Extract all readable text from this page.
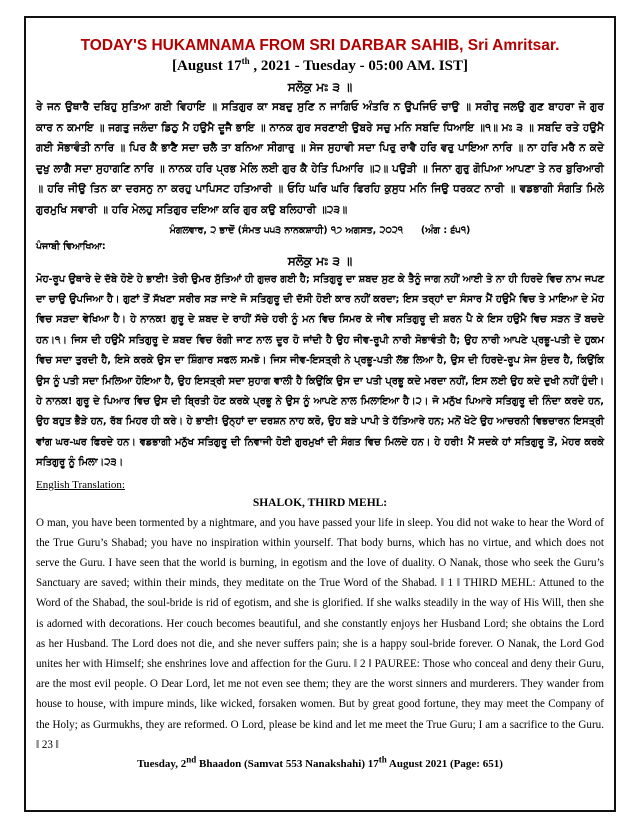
TODAY'S HUKAMNAMA FROM SRI DARBAR SAHIB, Sri Amritsar.
[August 17th , 2021 - Tuesday - 05:00 AM. IST]
ਸਲੋਕੁ ਮਃ ੩ ॥
ਰੇ ਜਨ ਉਥਾਰੈ ਦਬਿਹੁ ਸੁਤਿਆ ਗਈ ਵਿਹਾਇ ॥ ਸਤਿਗੁਰ ਕਾ ਸਬਦੁ ਸੁਣਿ ਨ ਜਾਗਿਓ ਅੰਤਰਿ ਨ ਉਪਜਿਓ ਚਾਉ ॥ ਸਰੀਰੁ ਜਲਉ ਗੁਣ ਬਾਹਰਾ ਜੋ ਗੁਰ ਕਾਰ ਨ ਕਮਾਇ ॥ ਜਗਤੁ ਜਲੰਦਾ ਡਿਠੁ ਮੈ ਹਉਮੈ ਦੂਜੈ ਭਾਇ ॥ ਨਾਨਕ ਗੁਰ ਸਰਣਾਈ ਉਬਰੇ ਸਚੁ ਮਨਿ ਸਬਦਿ ਧਿਆਇ ॥੧॥ ਮਃ ੩ ॥ ਸਬਦਿ ਰਤੇ ਹਉਮੈ ਗਈ ਸੋਭਾਵੰਤੀ ਨਾਰਿ ॥ ਪਿਰ ਕੈ ਭਾਣੈ ਸਦਾ ਚਲੈ ਤਾ ਬਨਿਆ ਸੀਗਾਰੁ ॥ ਸੇਜ ਸੁਹਾਵੀ ਸਦਾ ਪਿਰੁ ਰਾਵੈ ਹਰਿ ਵਰੁ ਪਾਇਆ ਨਾਰਿ ॥ ਨਾ ਹਰਿ ਮਰੈ ਨ ਕਦੇ ਦੁਖੁ ਲਾਗੈ ਸਦਾ ਸੁਹਾਗਣਿ ਨਾਰਿ ॥ ਨਾਨਕ ਹਰਿ ਪ੍ਰਭ ਮੇਲਿ ਲਈ ਗੁਰ ਕੈ ਹੇਤਿ ਪਿਆਰਿ ॥੨॥ ਪਉੜੀ ॥ ਜਿਨਾ ਗੁਰੁ ਗੋਪਿਆ ਆਪਣਾ ਤੇ ਨਰ ਬੁਰਿਆਰੀ ॥ ਹਰਿ ਜੀਉ ਤਿਨ ਕਾ ਦਰਸਨੁ ਨਾ ਕਰਹੁ ਪਾਪਿਸਟ ਹਤਿਆਰੀ ॥ ਓਹਿ ਘਰਿ ਘਰਿ ਫਿਰਹਿ ਕੁਸੁਧ ਮਨਿ ਜਿਉ ਧਰਕਟ ਨਾਰੀ ॥ ਵਡਭਾਗੀ ਸੰਗਤਿ ਮਿਲੇ ਗੁਰਮੁਖਿ ਸਵਾਰੀ ॥ ਹਰਿ ਮੇਲਹੁ ਸਤਿਗੁਰ ਦਇਆ ਕਰਿ ਗੁਰ ਕਉ ਬਲਿਹਾਰੀ ॥੨੩॥
ਮੰਗਲਵਾਰ, ੨ ਭਾਦੋਂ (ਸੰਮਤ ੫੫੩ ਨਾਨਕਸ਼ਾਹੀ) ੧੭ ਅਗਸਤ, ੨੦੨੧ (ਅੰਗ : ੬੫੧)
ਪੰਜਾਬੀ ਵਿਆਖਿਆ:
ਸਲੋਕੁ ਮਃ ੩ ॥
ਮੋਹ-ਰੂਪ ਉਥਾਰੇ ਦੇ ਦੱਬੇ ਹੋਏ ਹੇ ਭਾਈ! ਤੇਰੀ ਉਮਰ ਸੁੱਤਿਆਂ ਹੀ ਗੁਜ਼ਰ ਗਈ ਹੈ; ਸਤਿਗੁਰੂ ਦਾ ਸ਼ਬਦ ਸੁਣ ਕੇ ਤੈਨੂੰ ਜਾਗ ਨਹੀਂ ਆਈ ਤੇ ਨਾ ਹੀ ਹਿਰਦੇ ਵਿਚ ਨਾਮ ਜਪਣ ਦਾ ਚਾਉ ਉਪਜਿਆ ਹੈ। ਗੁਣਾਂ ਤੋਂ ਸੱਖਣਾ ਸਰੀਰ ਸੜ ਜਾਏ ਜੋ ਸਤਿਗੁਰੂ ਦੀ ਦੱਸੀ ਹੋਈ ਕਾਰ ਨਹੀਂ ਕਰਦਾ; ਇਸ ਤਰ੍ਹਾਂ ਦਾ ਸੰਸਾਰ ਮੈਂ ਹਉਮੈ ਵਿਚ ਤੇ ਮਾਇਆ ਦੇ ਮੋਹ ਵਿਚ ਸੜਦਾ ਵੇਖਿਆ ਹੈ। ਹੇ ਨਾਨਕ! ਗੁਰੂ ਦੇ ਸ਼ਬਦ ਦੇ ਰਾਹੀਂ ਸੱਚੇ ਹਰੀ ਨੂੰ ਮਨ ਵਿਚ ਸਿਮਰ ਕੇ ਜੀਵ ਸਤਿਗੁਰੂ ਦੀ ਸ਼ਰਨ ਪੈ ਕੇ ਇਸ ਹਉਮੈ ਵਿਚ ਸੜਨ ਤੋਂ ਬਚਦੇ ਹਨ।੧। ਜਿਸ ਦੀ ਹਉਮੈ ਸਤਿਗੁਰੂ ਦੇ ਸ਼ਬਦ ਵਿਚ ਰੰਗੀ ਜਾਣ ਨਾਲ ਦੂਰ ਹੋ ਜਾਂਦੀ ਹੈ ਉਹ ਜੀਵ-ਰੂਪੀ ਨਾਰੀ ਸੋਭਾਵੰਤੀ ਹੈ; ਉਹ ਨਾਰੀ ਆਪਣੇ ਪ੍ਰਭੂ-ਪਤੀ ਦੇ ਹੁਕਮ ਵਿਚ ਸਦਾ ਤੁਰਦੀ ਹੈ, ਇਸੇ ਕਰਕੇ ਉਸ ਦਾ ਸ਼ਿੰਗਾਰ ਸਫਲ ਸਮਝੋ। ਜਿਸ ਜੀਵ-ਇਸਤ੍ਰੀ ਨੇ ਪ੍ਰਭੂ-ਪਤੀ ਲੱਭ ਲਿਆ ਹੈ, ਉਸ ਦੀ ਹਿਰਦੇ-ਰੂਪ ਸੇਜ ਸੁੰਦਰ ਹੈ, ਕਿਉਂਕਿ ਉਸ ਨੂੰ ਪਤੀ ਸਦਾ ਮਿਲਿਆ ਹੋਇਆ ਹੈ, ਉਹ ਇਸਤ੍ਰੀ ਸਦਾ ਸੁਹਾਗ ਵਾਲੀ ਹੈ ਕਿਉਂਕਿ ਉਸ ਦਾ ਪਤੀ ਪ੍ਰਭੂ ਕਦੇ ਮਰਦਾ ਨਹੀਂ, ਇਸ ਲਈ ਉਹ ਕਦੇ ਦੁਖੀ ਨਹੀਂ ਹੁੰਦੀ। ਹੇ ਨਾਨਕ! ਗੁਰੂ ਦੇ ਪਿਆਰ ਵਿਚ ਉਸ ਦੀ ਬ੍ਰਿਤੀ ਹੋਣ ਕਰਕੇ ਪ੍ਰਭੂ ਨੇ ਉਸ ਨੂੰ ਆਪਣੇ ਨਾਲ ਮਿਲਾਇਆ ਹੈ।੨। ਜੋ ਮਨੁੱਖ ਪਿਆਰੇ ਸਤਿਗੁਰੂ ਦੀ ਨਿੰਦਾ ਕਰਦੇ ਹਨ, ਉਹ ਬਹੁਤ ਭੈੜੇ ਹਨ, ਰੱਬ ਮਿਹਰ ਹੀ ਕਰੇ। ਹੇ ਭਾਈ! ਉਨ੍ਹਾਂ ਦਾ ਦਰਸ਼ਨ ਨਾਹ ਕਰੋ, ਉਹ ਬੜੇ ਪਾਪੀ ਤੇ ਹੱਤਿਆਰੇ ਹਨ; ਮਨੋਂ ਖੋਟੇ ਉਹ ਆਚਰਨੀ ਵਿਭਚਾਰਨ ਇਸਤ੍ਰੀ ਵਾਂਗ ਘਰ-ਘਰ ਫਿਰਦੇ ਹਨ। ਵਡਭਾਗੀ ਮਨੁੱਖ ਸਤਿਗੁਰੂ ਦੀ ਨਿਵਾਜੀ ਹੋਈ ਗੁਰਮੁਖਾਂ ਦੀ ਸੰਗਤ ਵਿਚ ਮਿਲਦੇ ਹਨ। ਹੇ ਹਰੀ! ਮੈਂ ਸਦਕੇ ਹਾਂ ਸਤਿਗੁਰੂ ਤੋਂ, ਮੇਹਰ ਕਰਕੇ ਸਤਿਗੁਰੂ ਨੂੰ ਮਿਲਾ।੨੩।
English Translation:
SHALOK, THIRD MEHL:
O man, you have been tormented by a nightmare, and you have passed your life in sleep. You did not wake to hear the Word of the True Guru’s Shabad; you have no inspiration within yourself. That body burns, which has no virtue, and which does not serve the Guru. I have seen that the world is burning, in egotism and the love of duality. O Nanak, those who seek the Guru’s Sanctuary are saved; within their minds, they meditate on the True Word of the Shabad. ‖ 1 ‖ THIRD MEHL: Attuned to the Word of the Shabad, the soul-bride is rid of egotism, and she is glorified. If she walks steadily in the way of His Will, then she is adorned with decorations. Her couch becomes beautiful, and she constantly enjoys her Husband Lord; she obtains the Lord as her Husband. The Lord does not die, and she never suffers pain; she is a happy soul-bride forever. O Nanak, the Lord God unites her with Himself; she enshrines love and affection for the Guru. ‖ 2 ‖ PAUREE: Those who conceal and deny their Guru, are the most evil people. O Dear Lord, let me not even see them; they are the worst sinners and murderers. They wander from house to house, with impure minds, like wicked, forsaken women. But by great good fortune, they may meet the Company of the Holy; as Gurmukhs, they are reformed. O Lord, please be kind and let me meet the True Guru; I am a sacrifice to the Guru. ‖ 23 ‖
Tuesday, 2nd Bhaadon (Samvat 553 Nanakshahi) 17th August 2021 (Page: 651)
